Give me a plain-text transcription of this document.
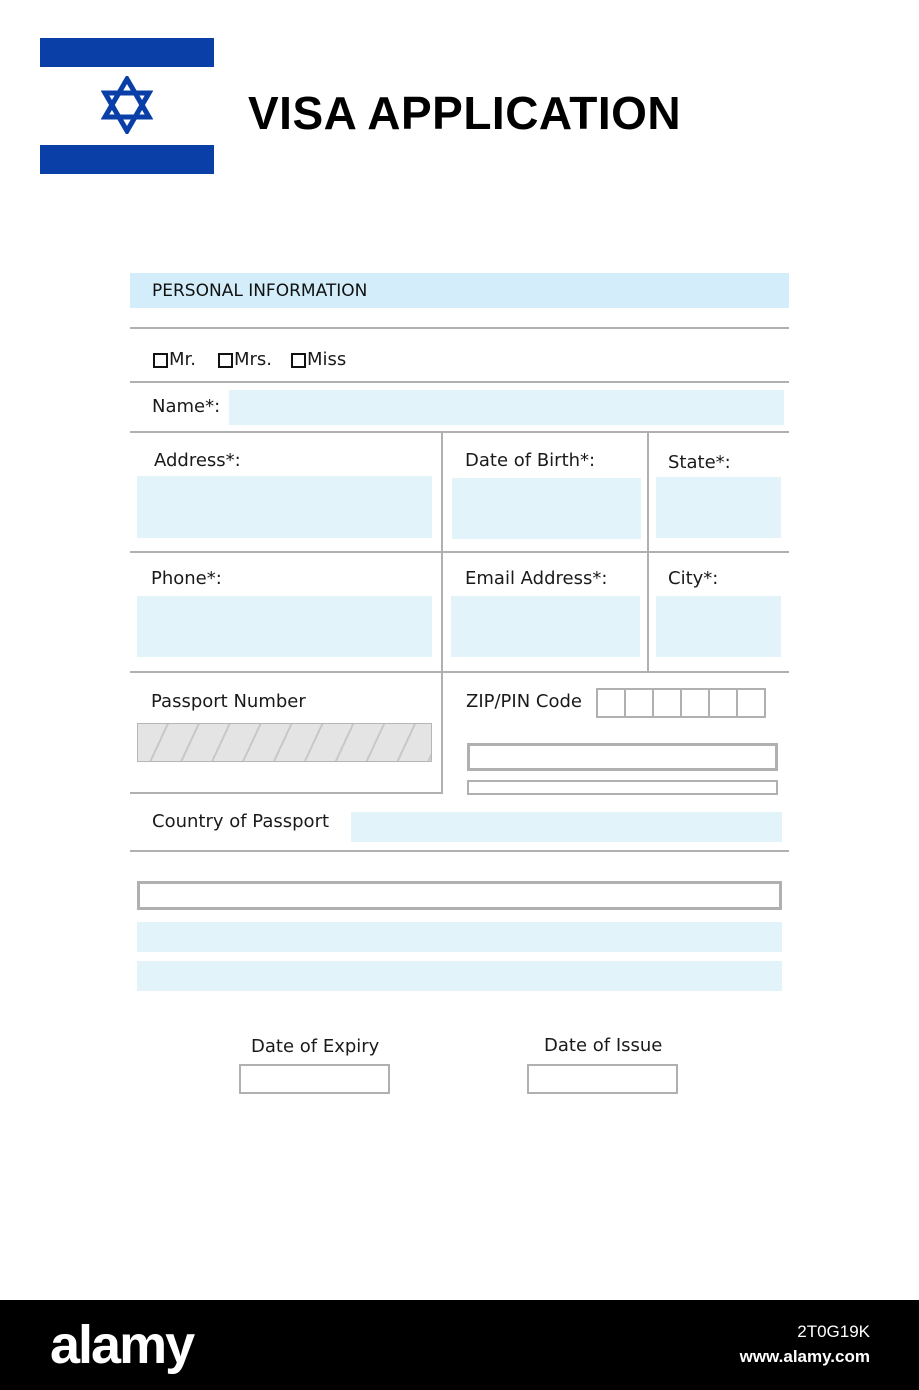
VISA APPLICATION
PERSONAL INFORMATION
Mr. Mrs. Miss
Name*:
Address*:	Date of Birth*:	State*:
Phone*:	Email Address*:	City*:
Passport Number	ZIP/PIN Code
Country of Passport
Date of Expiry	Date of Issue
alamy	2T0G19K
www.alamy.com
